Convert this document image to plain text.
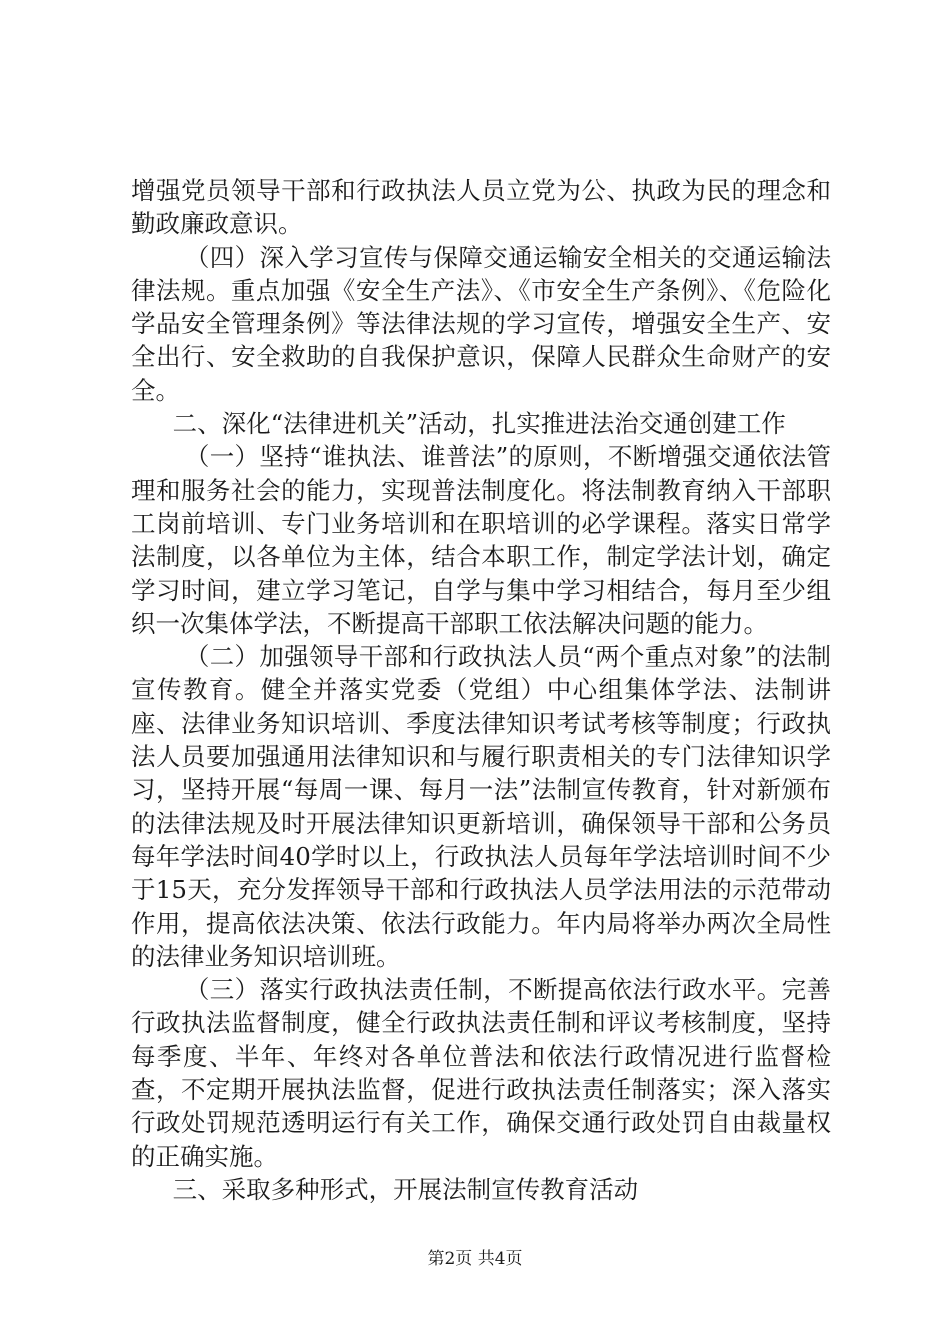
增强党员领导干部和行政执法人员立党为公、执政为民的理念和勤政廉政意识。

（四）深入学习宣传与保障交通运输安全相关的交通运输法律法规。重点加强《安全生产法》、《市安全生产条例》、《危险化学品安全管理条例》等法律法规的学习宣传，增强安全生产、安全出行、安全救助的自我保护意识，保障人民群众生命财产的安全。

二、深化“法律进机关”活动，扎实推进法治交通创建工作

（一）坚持“谁执法、谁普法”的原则，不断增强交通依法管理和服务社会的能力，实现普法制度化。将法制教育纳入干部职工岗前培训、专门业务培训和在职培训的必学课程。落实日常学法制度，以各单位为主体，结合本职工作，制定学法计划，确定学习时间，建立学习笔记，自学与集中学习相结合，每月至少组织一次集体学法，不断提高干部职工依法解决问题的能力。

（二）加强领导干部和行政执法人员“两个重点对象”的法制宣传教育。健全并落实党委（党组）中心组集体学法、法制讲座、法律业务知识培训、季度法律知识考试考核等制度；行政执法人员要加强通用法律知识和与履行职责相关的专门法律知识学习，坚持开展“每周一课、每月一法”法制宣传教育，针对新颁布的法律法规及时开展法律知识更新培训，确保领导干部和公务员每年学法时间40学时以上，行政执法人员每年学法培训时间不少于15天，充分发挥领导干部和行政执法人员学法用法的示范带动作用，提高依法决策、依法行政能力。年内局将举办两次全局性的法律业务知识培训班。

（三）落实行政执法责任制，不断提高依法行政水平。完善行政执法监督制度，健全行政执法责任制和评议考核制度，坚持每季度、半年、年终对各单位普法和依法行政情况进行监督检查，不定期开展执法监督，促进行政执法责任制落实；深入落实行政处罚规范透明运行有关工作，确保交通行政处罚自由裁量权的正确实施。

三、采取多种形式，开展法制宣传教育活动

第2页 共4页
